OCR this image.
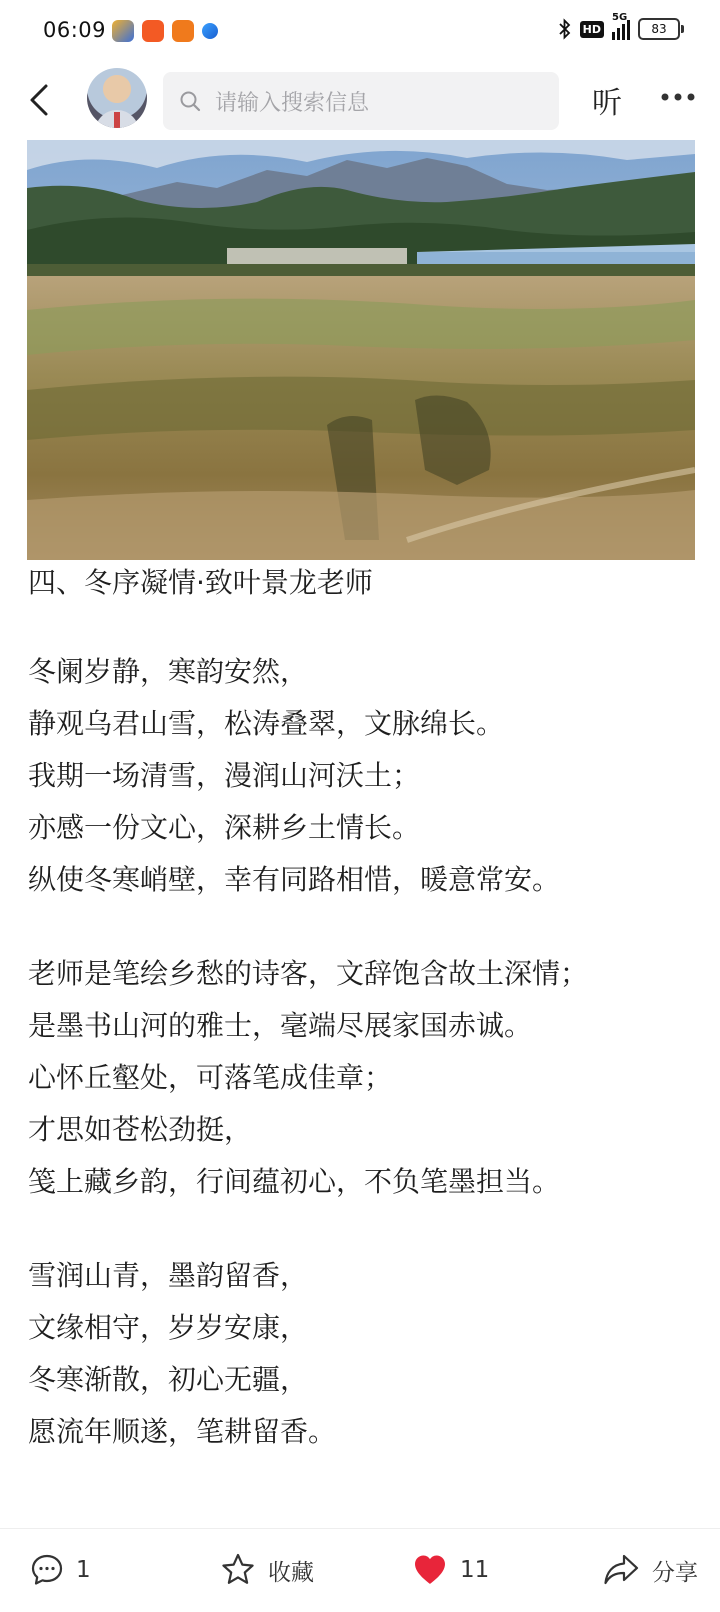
06:09	HD
5G
83
请输入搜索信息	听
四、冬序凝情·致叶景龙老师
冬阑岁静，寒韵安然，
静观乌君山雪，松涛叠翠，文脉绵长。
我期一场清雪，漫润山河沃土；
亦感一份文心，深耕乡土情长。
纵使冬寒峭壁，幸有同路相惜，暖意常安。
老师是笔绘乡愁的诗客，文辞饱含故土深情；
是墨书山河的雅士，毫端尽展家国赤诚。
心怀丘壑处，可落笔成佳章；
才思如苍松劲挺，
笺上藏乡韵，行间蕴初心，不负笔墨担当。
雪润山青，墨韵留香，
文缘相守，岁岁安康，
冬寒渐散，初心无疆，
愿流年顺遂，笔耕留香。
1	收藏	11	分享
